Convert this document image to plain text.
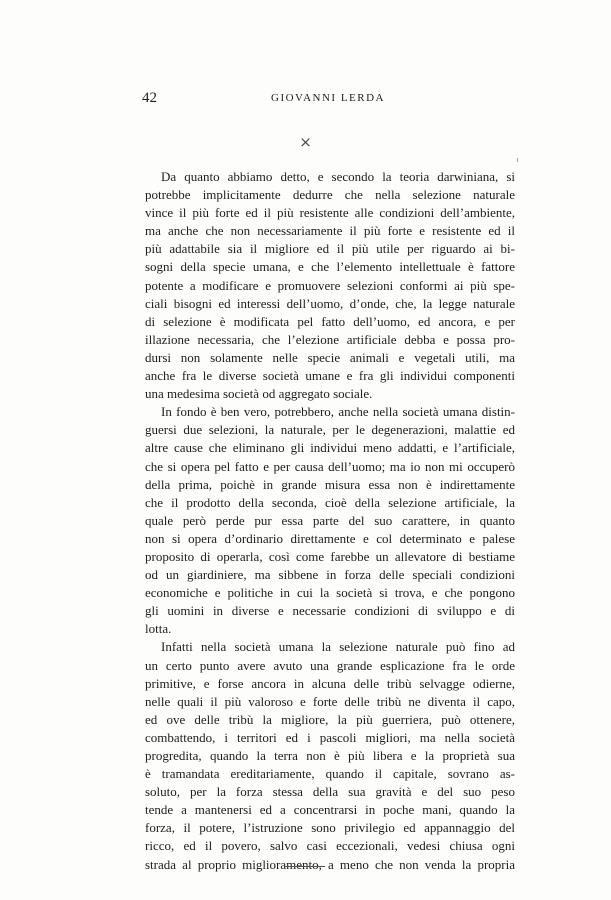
42	GIOVANNI LERDA
×
Da quanto abbiamo detto, e secondo la teoria darwiniana, si
potrebbe implicitamente dedurre che nella selezione naturale
vince il più forte ed il più resistente alle condizioni dell’ambiente,
ma anche che non necessariamente il più forte e resistente ed il
più adattabile sia il migliore ed il più utile per riguardo ai bi-
sogni della specie umana, e che l’elemento intellettuale è fattore
potente a modificare e promuovere selezioni conformi ai più spe-
ciali bisogni ed interessi dell’uomo, d’onde, che, la legge naturale
di selezione è modificata pel fatto dell’uomo, ed ancora, e per
illazione necessaria, che l’elezione artificiale debba e possa pro-
dursi non solamente nelle specie animali e vegetali utili, ma
anche fra le diverse società umane e fra gli individui componenti
una medesima società od aggregato sociale.
In fondo è ben vero, potrebbero, anche nella società umana distin-
guersi due selezioni, la naturale, per le degenerazioni, malattie ed
altre cause che eliminano gli individui meno addatti, e l’artificiale,
che si opera pel fatto e per causa dell’uomo; ma io non mi occuperò
della prima, poichè in grande misura essa non è indirettamente
che il prodotto della seconda, cioè della selezione artificiale, la
quale però perde pur essa parte del suo carattere, in quanto
non si opera d’ordinario direttamente e col determinato e palese
proposito di operarla, così come farebbe un allevatore di bestiame
od un giardiniere, ma sibbene in forza delle speciali condizioni
economiche e politiche in cui la società si trova, e che pongono
gli uomini in diverse e necessarie condizioni di sviluppo e di
lotta.
Infatti nella società umana la selezione naturale può fino ad
un certo punto avere avuto una grande esplicazione fra le orde
primitive, e forse ancora in alcuna delle tribù selvagge odierne,
nelle quali il più valoroso e forte delle tribù ne diventa il capo,
ed ove delle tribù la migliore, la più guerriera, può ottenere,
combattendo, i territori ed i pascoli migliori, ma nella società
progredita, quando la terra non è più libera e la proprietà sua
è tramandata ereditariamente, quando il capitale, sovrano as-
soluto, per la forza stessa della sua gravità e del suo peso
tende a mantenersi ed a concentrarsi in poche mani, quando la
forza, il potere, l’istruzione sono privilegio ed appannaggio del
ricco, ed il povero, salvo casi eccezionali, vedesi chiusa ogni
strada al proprio miglioramento, a meno che non venda la propria
